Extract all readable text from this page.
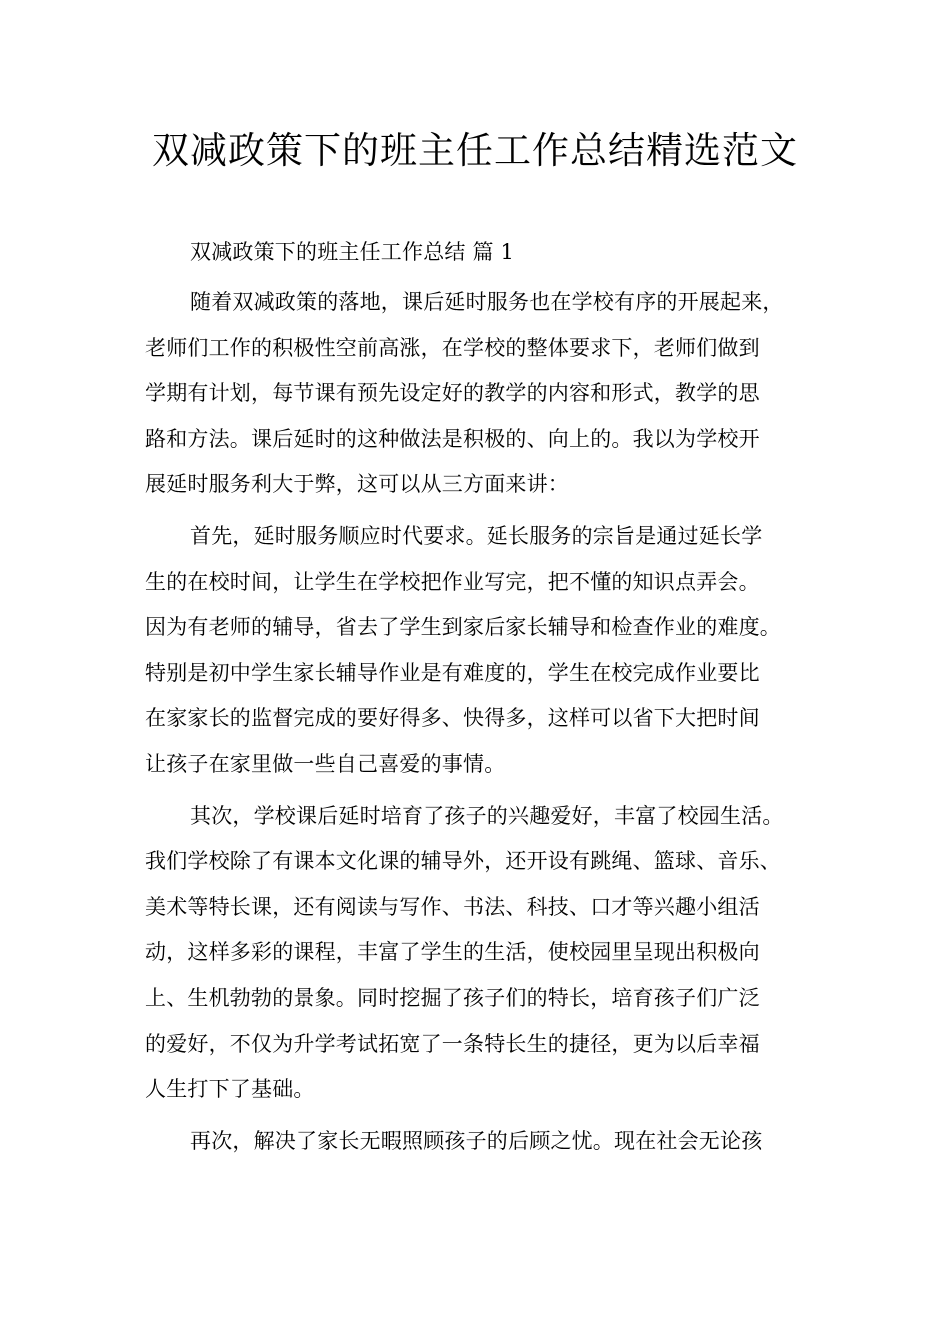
双减政策下的班主任工作总结精选范文

双减政策下的班主任工作总结 篇 1

随着双减政策的落地，课后延时服务也在学校有序的开展起来，

老师们工作的积极性空前高涨，在学校的整体要求下，老师们做到

学期有计划，每节课有预先设定好的教学的内容和形式，教学的思

路和方法。课后延时的这种做法是积极的、向上的。我以为学校开

展延时服务利大于弊，这可以从三方面来讲：

首先，延时服务顺应时代要求。延长服务的宗旨是通过延长学

生的在校时间，让学生在学校把作业写完，把不懂的知识点弄会。

因为有老师的辅导，省去了学生到家后家长辅导和检查作业的难度。

特别是初中学生家长辅导作业是有难度的，学生在校完成作业要比

在家家长的监督完成的要好得多、快得多，这样可以省下大把时间

让孩子在家里做一些自己喜爱的事情。

其次，学校课后延时培育了孩子的兴趣爱好，丰富了校园生活。

我们学校除了有课本文化课的辅导外，还开设有跳绳、篮球、音乐、

美术等特长课，还有阅读与写作、书法、科技、口才等兴趣小组活

动，这样多彩的课程，丰富了学生的生活，使校园里呈现出积极向

上、生机勃勃的景象。同时挖掘了孩子们的特长，培育孩子们广泛

的爱好，不仅为升学考试拓宽了一条特长生的捷径，更为以后幸福

人生打下了基础。

再次，解决了家长无暇照顾孩子的后顾之忧。现在社会无论孩
